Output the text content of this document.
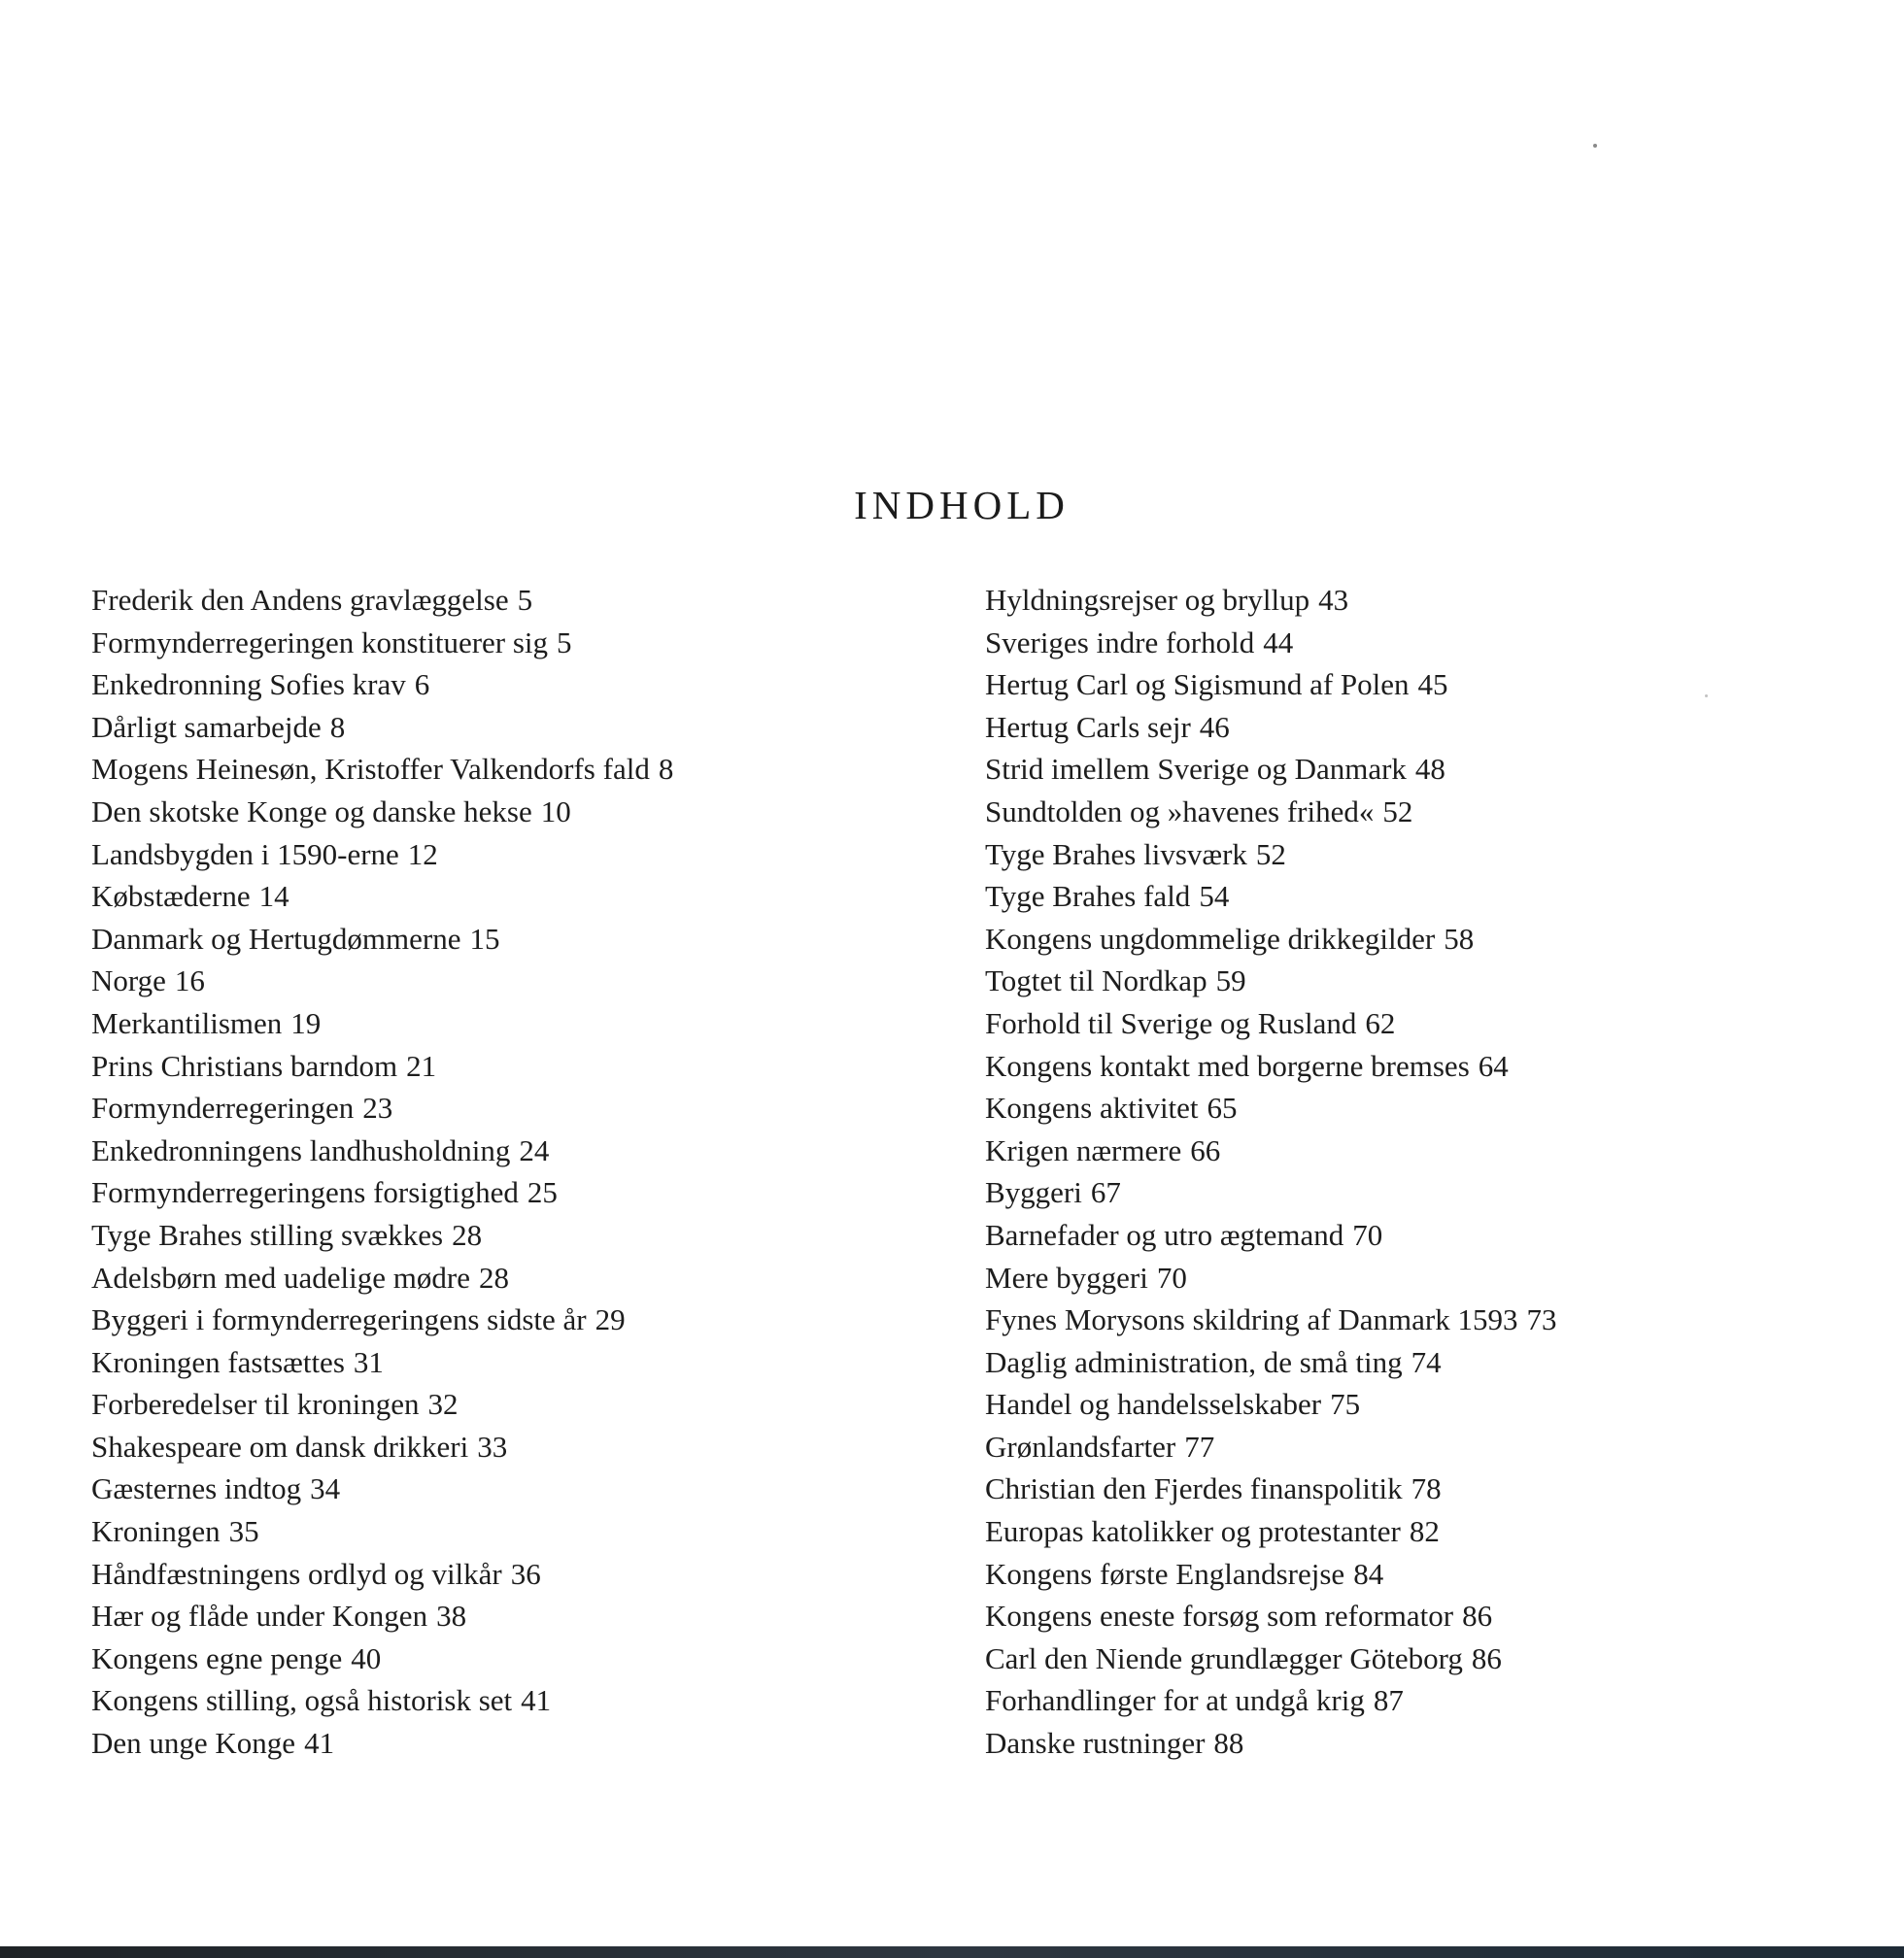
INDHOLD
Frederik den Andens gravlæggelse 5
Formynderregeringen konstituerer sig 5
Enkedronning Sofies krav 6
Dårligt samarbejde 8
Mogens Heinesøn, Kristoffer Valkendorfs fald 8
Den skotske Konge og danske hekse 10
Landsbygden i 1590-erne 12
Købstæderne 14
Danmark og Hertugdømmerne 15
Norge 16
Merkantilismen 19
Prins Christians barndom 21
Formynderregeringen 23
Enkedronningens landhusholdning 24
Formynderregeringens forsigtighed 25
Tyge Brahes stilling svækkes 28
Adelsbørn med uadelige mødre 28
Byggeri i formynderregeringens sidste år 29
Kroningen fastsættes 31
Forberedelser til kroningen 32
Shakespeare om dansk drikkeri 33
Gæsternes indtog 34
Kroningen 35
Håndfæstningens ordlyd og vilkår 36
Hær og flåde under Kongen 38
Kongens egne penge 40
Kongens stilling, også historisk set 41
Den unge Konge 41
Hyldningsrejser og bryllup 43
Sveriges indre forhold 44
Hertug Carl og Sigismund af Polen 45
Hertug Carls sejr 46
Strid imellem Sverige og Danmark 48
Sundtolden og »havenes frihed« 52
Tyge Brahes livsværk 52
Tyge Brahes fald 54
Kongens ungdommelige drikkegilder 58
Togtet til Nordkap 59
Forhold til Sverige og Rusland 62
Kongens kontakt med borgerne bremses 64
Kongens aktivitet 65
Krigen nærmere 66
Byggeri 67
Barnefader og utro ægtemand 70
Mere byggeri 70
Fynes Morysons skildring af Danmark 1593 73
Daglig administration, de små ting 74
Handel og handelsselskaber 75
Grønlandsfarter 77
Christian den Fjerdes finanspolitik 78
Europas katolikker og protestanter 82
Kongens første Englandsrejse 84
Kongens eneste forsøg som reformator 86
Carl den Niende grundlægger Göteborg 86
Forhandlinger for at undgå krig 87
Danske rustninger 88
